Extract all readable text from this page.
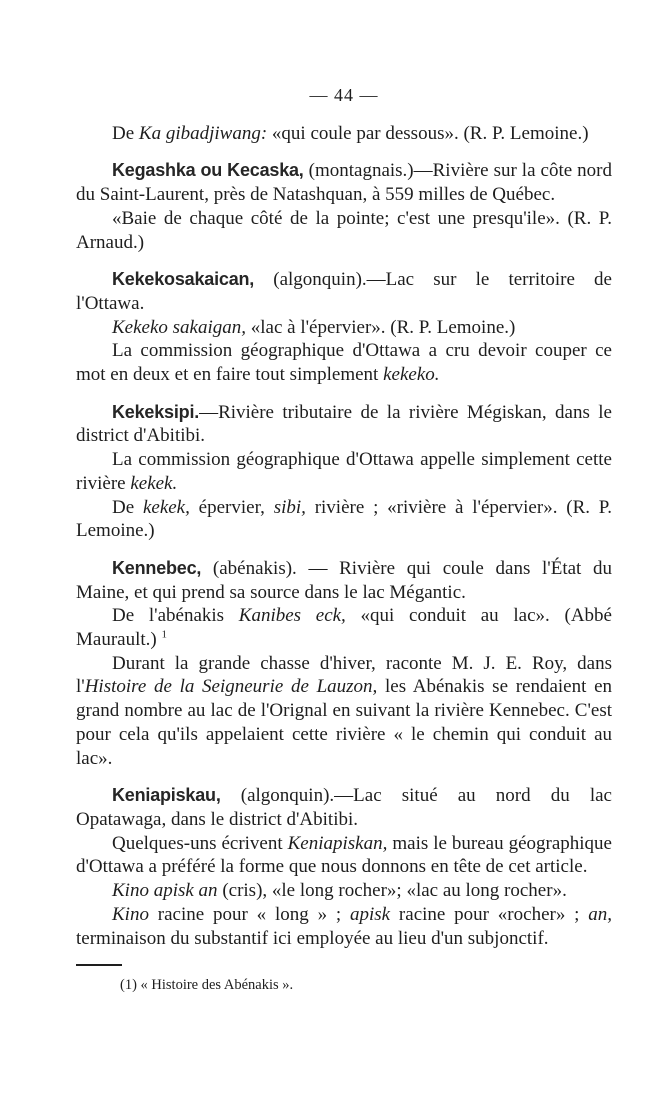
— 44 —

De Ka gibadjiwang: «qui coule par dessous». (R. P. Lemoine.)

Kegashka ou Kecaska, (montagnais.)—Rivière sur la côte nord du Saint-Laurent, près de Natashquan, à 559 milles de Québec.

«Baie de chaque côté de la pointe; c'est une presqu'ile». (R. P. Arnaud.)

Kekekosakaican, (algonquin).—Lac sur le territoire de l'Ottawa.

Kekeko sakaigan, «lac à l'épervier». (R. P. Lemoine.)

La commission géographique d'Ottawa a cru devoir couper ce mot en deux et en faire tout simplement kekeko.

Kekeksipi.—Rivière tributaire de la rivière Mégiskan, dans le district d'Abitibi.

La commission géographique d'Ottawa appelle simplement cette rivière kekek.

De kekek, épervier, sibi, rivière ; «rivière à l'épervier». (R. P. Lemoine.)

Kennebec, (abénakis). — Rivière qui coule dans l'État du Maine, et qui prend sa source dans le lac Mégantic.

De l'abénakis Kanibes eck, «qui conduit au lac». (Abbé Maurault.) $^1$

Durant la grande chasse d'hiver, raconte M. J. E. Roy, dans l'Histoire de la Seigneurie de Lauzon, les Abénakis se rendaient en grand nombre au lac de l'Orignal en suivant la rivière Kennebec. C'est pour cela qu'ils appelaient cette rivière « le chemin qui conduit au lac».

Keniapiskau, (algonquin).—Lac situé au nord du lac Opatawaga, dans le district d'Abitibi.

Quelques-uns écrivent Keniapiskan, mais le bureau géographique d'Ottawa a préféré la forme que nous donnons en tête de cet article.

Kino apisk an (cris), «le long rocher»; «lac au long rocher».

Kino racine pour « long » ; apisk racine pour «rocher» ; an, terminaison du substantif ici employée au lieu d'un subjonctif.

(1) « Histoire des Abénakis ».
